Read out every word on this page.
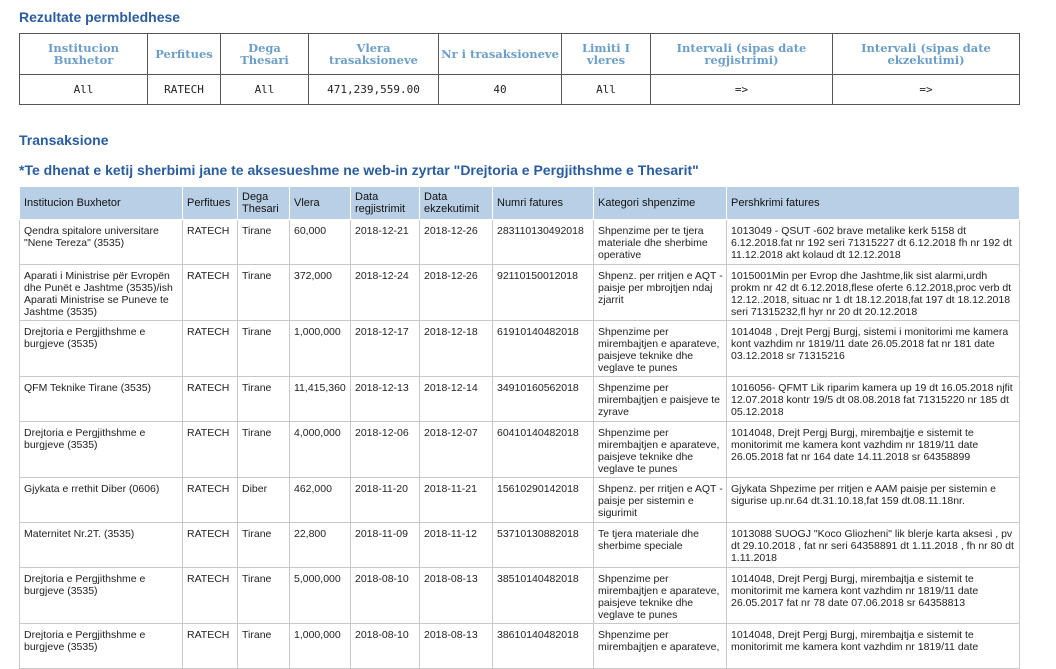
Rezultate permbledhese
Institucion Buxhetor	Perfitues	Dega Thesari	Vlera trasaksioneve	Nr i trasaksioneve	Limiti I vleres	Intervali (sipas date regjistrimi)	Intervali (sipas date ekzekutimi)
All	RATECH	All	471,239,559.00	40	All	=>	=>
Transaksione
*Te dhenat e ketij sherbimi jane te aksesueshme ne web-in zyrtar "Drejtoria e Pergjithshme e Thesarit"
Institucion Buxhetor	Perfitues	Dega Thesari	Vlera	Data regjistrimit	Data ekzekutimit	Numri fatures	Kategori shpenzime	Pershkrimi fatures
Qendra spitalore universitare "Nene Tereza" (3535)	RATECH	Tirane	60,000	2018-12-21	2018-12-26	283110130492018	Shpenzime per te tjera materiale dhe sherbime operative	1013049 - QSUT -602 brave metalike kerk 5158 dt 6.12.2018.fat nr 192 seri 71315227 dt 6.12.2018 fh nr 192 dt 11.12.2018 akt kolaud dt 12.12.2018
Aparati i Ministrise për Evropën dhe Punët e Jashtme (3535)/ish Aparati Ministrise se Puneve te Jashtme (3535)	RATECH	Tirane	372,000	2018-12-24	2018-12-26	92110150012018	Shpenz. per rritjen e AQT - paisje per mbrojtjen ndaj zjarrit	1015001Min per Evrop dhe Jashtme,lik sist alarmi,urdh prokm nr 42 dt 6.12.2018,flese oferte 6.12.2018,proc verb dt 12.12..2018, situac nr 1 dt 18.12.2018,fat 197 dt 18.12.2018 seri 71315232,fl hyr nr 20 dt 20.12.2018
Drejtoria e Pergjithshme e burgjeve (3535)	RATECH	Tirane	1,000,000	2018-12-17	2018-12-18	61910140482018	Shpenzime per mirembajtjen e aparateve, paisjeve teknike dhe veglave te punes	1014048 , Drejt Pergj Burgj, sistemi i monitorimi me kamera kont vazhdim nr 1819/11 date 26.05.2018 fat nr 181 date 03.12.2018 sr 71315216
QFM Teknike Tirane (3535)	RATECH	Tirane	11,415,360	2018-12-13	2018-12-14	34910160562018	Shpenzime per mirembajtjen e paisjeve te zyrave	1016056- QFMT Lik riparim kamera up 19 dt 16.05.2018 njfit 12.07.2018 kontr 19/5 dt 08.08.2018 fat 71315220 nr 185 dt 05.12.2018
Drejtoria e Pergjithshme e burgjeve (3535)	RATECH	Tirane	4,000,000	2018-12-06	2018-12-07	60410140482018	Shpenzime per mirembajtjen e aparateve, paisjeve teknike dhe veglave te punes	1014048, Drejt Pergj Burgj, mirembajtje e sistemit te monitorimit me kamera kont vazhdim nr 1819/11 date 26.05.2018 fat nr 164 date 14.11.2018 sr 64358899
Gjykata e rrethit Diber (0606)	RATECH	Diber	462,000	2018-11-20	2018-11-21	15610290142018	Shpenz. per rritjen e AQT - paisje per sistemin e sigurimit	Gjykata Shpezime per rritjen e AAM paisje per sistemin e sigurise up.nr.64 dt.31.10.18,fat 159 dt.08.11.18nr.
Maternitet Nr.2T. (3535)	RATECH	Tirane	22,800	2018-11-09	2018-11-12	53710130882018	Te tjera materiale dhe sherbime speciale	1013088 SUOGJ "Koco Gliozheni" lik blerje karta aksesi , pv dt 29.10.2018 , fat nr seri 64358891 dt 1.11.2018 , fh nr 80 dt 1.11.2018
Drejtoria e Pergjithshme e burgjeve (3535)	RATECH	Tirane	5,000,000	2018-08-10	2018-08-13	38510140482018	Shpenzime per mirembajtjen e aparateve, paisjeve teknike dhe veglave te punes	1014048, Drejt Pergj Burgj, mirembajtja e sistemit te monitorimit me kamera kont vazhdim nr 1819/11 date 26.05.2017 fat nr 78 date 07.06.2018 sr 64358813
Drejtoria e Pergjithshme e burgjeve (3535)	RATECH	Tirane	1,000,000	2018-08-10	2018-08-13	38610140482018	Shpenzime per mirembajtjen e aparateve,	1014048, Drejt Pergj Burgj, mirembajtja e sistemit te monitorimit me kamera kont vazhdim nr 1819/11 date
